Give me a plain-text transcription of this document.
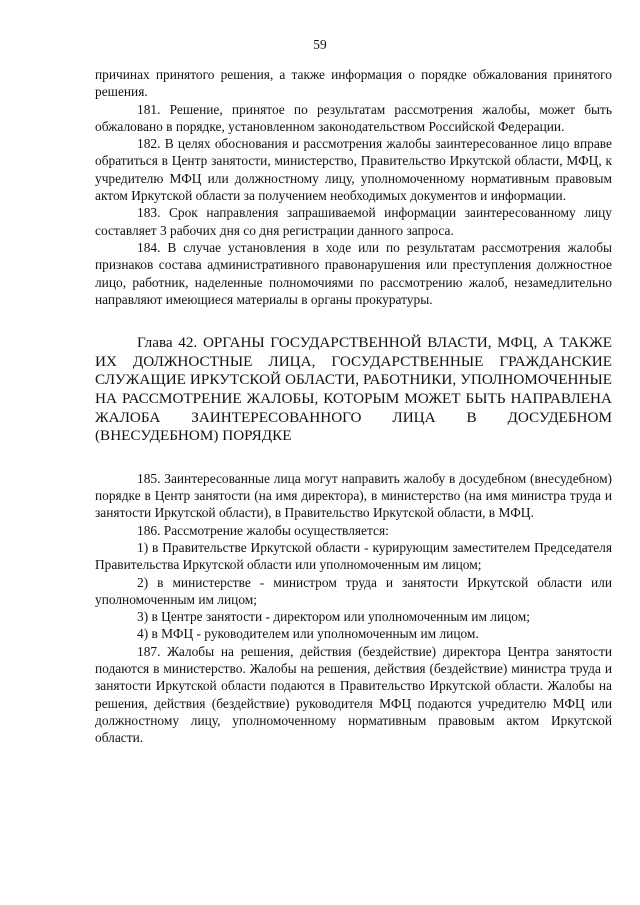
59

причинах принятого решения, а также информация о порядке обжалования принятого решения.

181. Решение, принятое по результатам рассмотрения жалобы, может быть обжаловано в порядке, установленном законодательством Российской Федерации.

182. В целях обоснования и рассмотрения жалобы заинтересованное лицо вправе обратиться в Центр занятости, министерство, Правительство Иркутской области, МФЦ, к учредителю МФЦ или должностному лицу, уполномоченному нормативным правовым актом Иркутской области за получением необходимых документов и информации.

183. Срок направления запрашиваемой информации заинтересованному лицу составляет 3 рабочих дня со дня регистрации данного запроса.

184. В случае установления в ходе или по результатам рассмотрения жалобы признаков состава административного правонарушения или преступления должностное лицо, работник, наделенные полномочиями по рассмотрению жалоб, незамедлительно направляют имеющиеся материалы в органы прокуратуры.

Глава 42. ОРГАНЫ ГОСУДАРСТВЕННОЙ ВЛАСТИ, МФЦ, А ТАКЖЕ ИХ ДОЛЖНОСТНЫЕ ЛИЦА, ГОСУДАРСТВЕННЫЕ ГРАЖДАНСКИЕ СЛУЖАЩИЕ ИРКУТСКОЙ ОБЛАСТИ, РАБОТНИКИ, УПОЛНОМОЧЕННЫЕ НА РАССМОТРЕНИЕ ЖАЛОБЫ, КОТОРЫМ МОЖЕТ БЫТЬ НАПРАВЛЕНА ЖАЛОБА ЗАИНТЕРЕСОВАННОГО ЛИЦА В ДОСУДЕБНОМ (ВНЕСУДЕБНОМ) ПОРЯДКЕ

185. Заинтересованные лица могут направить жалобу в досудебном (внесудебном) порядке в Центр занятости (на имя директора), в министерство (на имя министра труда и занятости Иркутской области), в Правительство Иркутской области, в МФЦ.

186. Рассмотрение жалобы осуществляется:

1) в Правительстве Иркутской области - курирующим заместителем Председателя Правительства Иркутской области или уполномоченным им лицом;

2) в министерстве - министром труда и занятости Иркутской области или уполномоченным им лицом;

3) в Центре занятости - директором или уполномоченным им лицом;

4) в МФЦ - руководителем или уполномоченным им лицом.

187. Жалобы на решения, действия (бездействие) директора Центра занятости подаются в министерство. Жалобы на решения, действия (бездействие) министра труда и занятости Иркутской области подаются в Правительство Иркутской области. Жалобы на решения, действия (бездействие) руководителя МФЦ подаются учредителю МФЦ или должностному лицу, уполномоченному нормативным правовым актом Иркутской области.
